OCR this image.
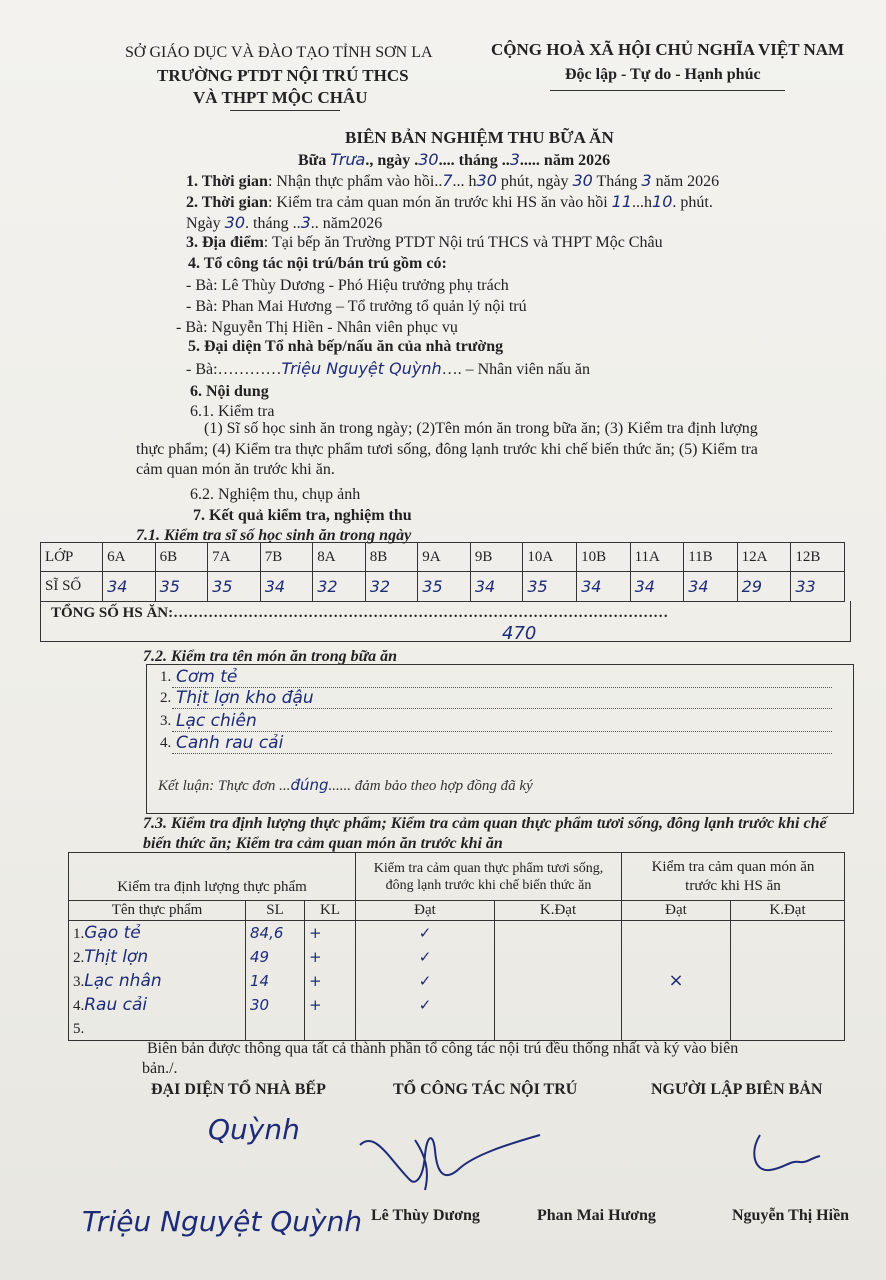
SỞ GIÁO DỤC VÀ ĐÀO TẠO TỈNH SƠN LA
TRƯỜNG PTDT NỘI TRÚ THCS
VÀ THPT MỘC CHÂU
CỘNG HOÀ XÃ HỘI CHỦ NGHĨA VIỆT NAM
Độc lập - Tự do - Hạnh phúc
BIÊN BẢN NGHIỆM THU BỮA ĂN
Bữa Trưa., ngày .30.... tháng ..3..... năm 2026
1. Thời gian: Nhận thực phẩm vào hồi..7... h30 phút, ngày 30 Tháng 3 năm 2026
2. Thời gian: Kiểm tra cảm quan món ăn trước khi HS ăn vào hồi 11...h10. phút.
Ngày 30. tháng ..3.. năm2026
3. Địa điểm: Tại bếp ăn Trường PTDT Nội trú THCS và THPT Mộc Châu
4. Tổ công tác nội trú/bán trú gồm có:
- Bà: Lê Thùy Dương - Phó Hiệu trưởng phụ trách
- Bà: Phan Mai Hương – Tổ trưởng tổ quản lý nội trú
- Bà: Nguyễn Thị Hiền - Nhân viên phục vụ
5. Đại diện Tổ nhà bếp/nấu ăn của nhà trường
- Bà:…………Triệu Nguyệt Quỳnh…. – Nhân viên nấu ăn
6. Nội dung
6.1. Kiểm tra
(1) Sĩ số học sinh ăn trong ngày; (2)Tên món ăn trong bữa ăn; (3) Kiểm tra định lượng
thực phẩm; (4) Kiểm tra thực phẩm tươi sống, đông lạnh trước khi chế biến thức ăn; (5) Kiểm tra
cảm quan món ăn trước khi ăn.
6.2. Nghiệm thu, chụp ảnh
7. Kết quả kiểm tra, nghiệm thu
7.1. Kiểm tra sĩ số học sinh ăn trong ngày
LỚP	6A	6B	7A	7B	8A	8B	9A	9B	10A	10B	11A	11B	12A	12B
SĨ SỐ	34	35	35	34	32	32	35	34	35	34	34	34	29	33
TỔNG SỐ HS ĂN:………………………………………………………………………………………
470
7.2. Kiểm tra tên món ăn trong bữa ăn
1. Cơm tẻ
2. Thịt lợn kho đậu
3. Lạc chiên
4. Canh rau cải
Kết luận: Thực đơn ...đúng...... đảm bảo theo hợp đồng đã ký
7.3. Kiểm tra định lượng thực phẩm; Kiểm tra cảm quan thực phẩm tươi sống, đông lạnh trước khi chế
biến thức ăn; Kiểm tra cảm quan món ăn trước khi ăn
Kiểm tra định lượng thực phẩm			Kiểm tra cảm quan thực phẩm tươi sống,
đông lạnh trước khi chế biến thức ăn		Kiểm tra cảm quan món ăn
trước khi HS ăn	
Tên thực phẩm	SL	KL	Đạt	K.Đạt	Đạt	K.Đạt
1.Gạo tẻ	84,6	+	✓		×	
2.Thịt lợn	49	+	✓			
3.Lạc nhân	14	+	✓			
4.Rau cải	30	+	✓			
5.						
Biên bản được thông qua tất cả thành phần tổ công tác nội trú đều thống nhất và ký vào biên
bản./.
ĐẠI DIỆN TỔ NHÀ BẾP	TỔ CÔNG TÁC NỘI TRÚ	NGƯỜI LẬP BIÊN BẢN
Quỳnh
Triệu Nguyệt Quỳnh Lê Thùy Dương	Phan Mai Hương	Nguyễn Thị Hiền
